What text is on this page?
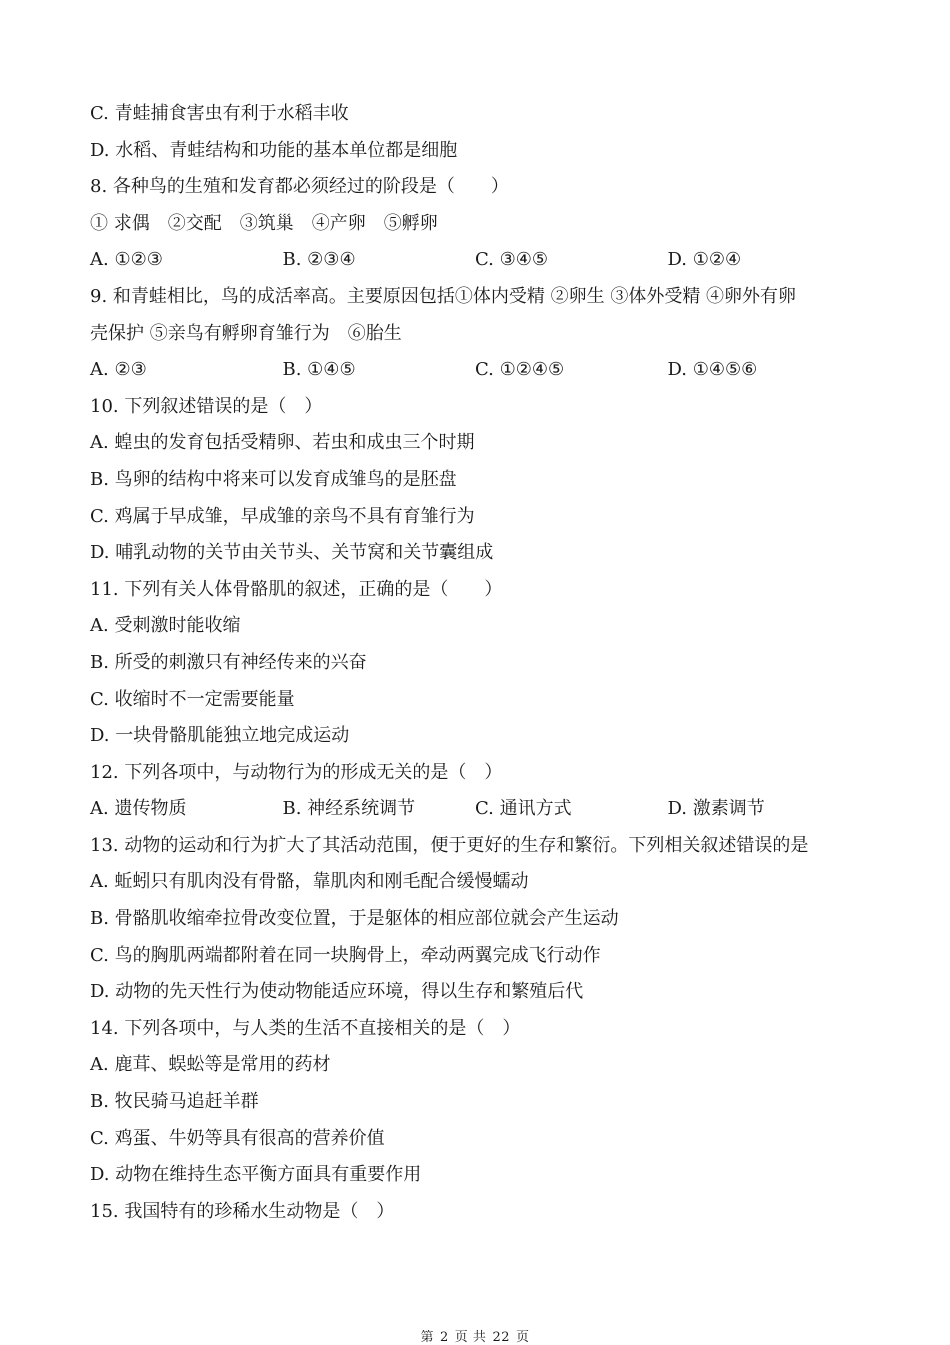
C. 青蛙捕食害虫有利于水稻丰收
D. 水稻、青蛙结构和功能的基本单位都是细胞
8. 各种鸟的生殖和发育都必须经过的阶段是（　　）
① 求偶　②交配　③筑巢　④产卵　⑤孵卵
A. ①②③	B. ②③④	C. ③④⑤	D. ①②④
9. 和青蛙相比，鸟的成活率高。主要原因包括①体内受精 ②卵生 ③体外受精 ④卵外有卵
壳保护 ⑤亲鸟有孵卵育雏行为　⑥胎生
A. ②③	B. ①④⑤	C. ①②④⑤	D. ①④⑤⑥
10. 下列叙述错误的是（　）
A. 蝗虫的发育包括受精卵、若虫和成虫三个时期
B. 鸟卵的结构中将来可以发育成雏鸟的是胚盘
C. 鸡属于早成雏，早成雏的亲鸟不具有育雏行为
D. 哺乳动物的关节由关节头、关节窝和关节囊组成
11. 下列有关人体骨骼肌的叙述，正确的是（　　）
A. 受刺激时能收缩
B. 所受的刺激只有神经传来的兴奋
C. 收缩时不一定需要能量
D. 一块骨骼肌能独立地完成运动
12. 下列各项中，与动物行为的形成无关的是（　）
A. 遗传物质	B. 神经系统调节	C. 通讯方式	D. 激素调节
13. 动物的运动和行为扩大了其活动范围，便于更好的生存和繁衍。下列相关叙述错误的是
A. 蚯蚓只有肌肉没有骨骼，靠肌肉和刚毛配合缓慢蠕动
B. 骨骼肌收缩牵拉骨改变位置，于是躯体的相应部位就会产生运动
C. 鸟的胸肌两端都附着在同一块胸骨上，牵动两翼完成飞行动作
D. 动物的先天性行为使动物能适应环境，得以生存和繁殖后代
14. 下列各项中，与人类的生活不直接相关的是（　）
A. 鹿茸、蜈蚣等是常用的药材
B. 牧民骑马追赶羊群
C. 鸡蛋、牛奶等具有很高的营养价值
D. 动物在维持生态平衡方面具有重要作用
15. 我国特有的珍稀水生动物是（　）
第 2 页 共 22 页
